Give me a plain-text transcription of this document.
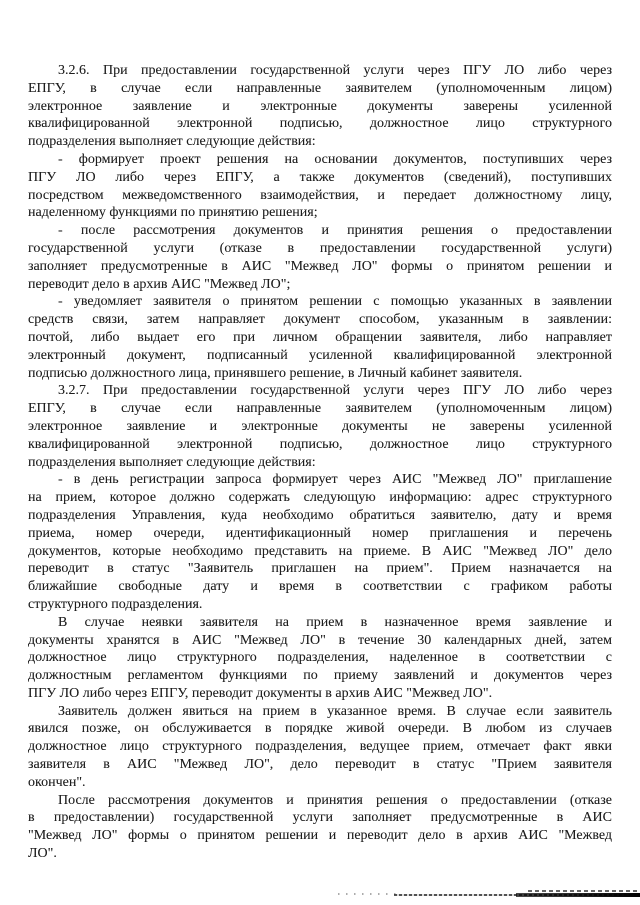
3.2.6. При предоставлении государственной услуги через ПГУ ЛО либо через
ЕПГУ, в случае если направленные заявителем (уполномоченным лицом)
электронное заявление и электронные документы заверены усиленной
квалифицированной электронной подписью, должностное лицо структурного
подразделения выполняет следующие действия:
- формирует проект решения на основании документов, поступивших через
ПГУ ЛО либо через ЕПГУ, а также документов (сведений), поступивших
посредством межведомственного взаимодействия, и передает должностному лицу,
наделенному функциями по принятию решения;
- после рассмотрения документов и принятия решения о предоставлении
государственной услуги (отказе в предоставлении государственной услуги)
заполняет предусмотренные в АИС "Межвед ЛО" формы о принятом решении и
переводит дело в архив АИС "Межвед ЛО";
- уведомляет заявителя о принятом решении с помощью указанных в заявлении
средств связи, затем направляет документ способом, указанным в заявлении:
почтой, либо выдает его при личном обращении заявителя, либо направляет
электронный документ, подписанный усиленной квалифицированной электронной
подписью должностного лица, принявшего решение, в Личный кабинет заявителя.
3.2.7. При предоставлении государственной услуги через ПГУ ЛО либо через
ЕПГУ, в случае если направленные заявителем (уполномоченным лицом)
электронное заявление и электронные документы не заверены усиленной
квалифицированной электронной подписью, должностное лицо структурного
подразделения выполняет следующие действия:
- в день регистрации запроса формирует через АИС "Межвед ЛО" приглашение
на прием, которое должно содержать следующую информацию: адрес структурного
подразделения Управления, куда необходимо обратиться заявителю, дату и время
приема, номер очереди, идентификационный номер приглашения и перечень
документов, которые необходимо представить на приеме. В АИС "Межвед ЛО" дело
переводит в статус "Заявитель приглашен на прием". Прием назначается на
ближайшие свободные дату и время в соответствии с графиком работы
структурного подразделения.
В случае неявки заявителя на прием в назначенное время заявление и
документы хранятся в АИС "Межвед ЛО" в течение 30 календарных дней, затем
должностное лицо структурного подразделения, наделенное в соответствии с
должностным регламентом функциями по приему заявлений и документов через
ПГУ ЛО либо через ЕПГУ, переводит документы в архив АИС "Межвед ЛО".
Заявитель должен явиться на прием в указанное время. В случае если заявитель
явился позже, он обслуживается в порядке живой очереди. В любом из случаев
должностное лицо структурного подразделения, ведущее прием, отмечает факт явки
заявителя в АИС "Межвед ЛО", дело переводит в статус "Прием заявителя
окончен".
После рассмотрения документов и принятия решения о предоставлении (отказе
в предоставлении) государственной услуги заполняет предусмотренные в АИС
"Межвед ЛО" формы о принятом решении и переводит дело в архив АИС "Межвед
ЛО".
